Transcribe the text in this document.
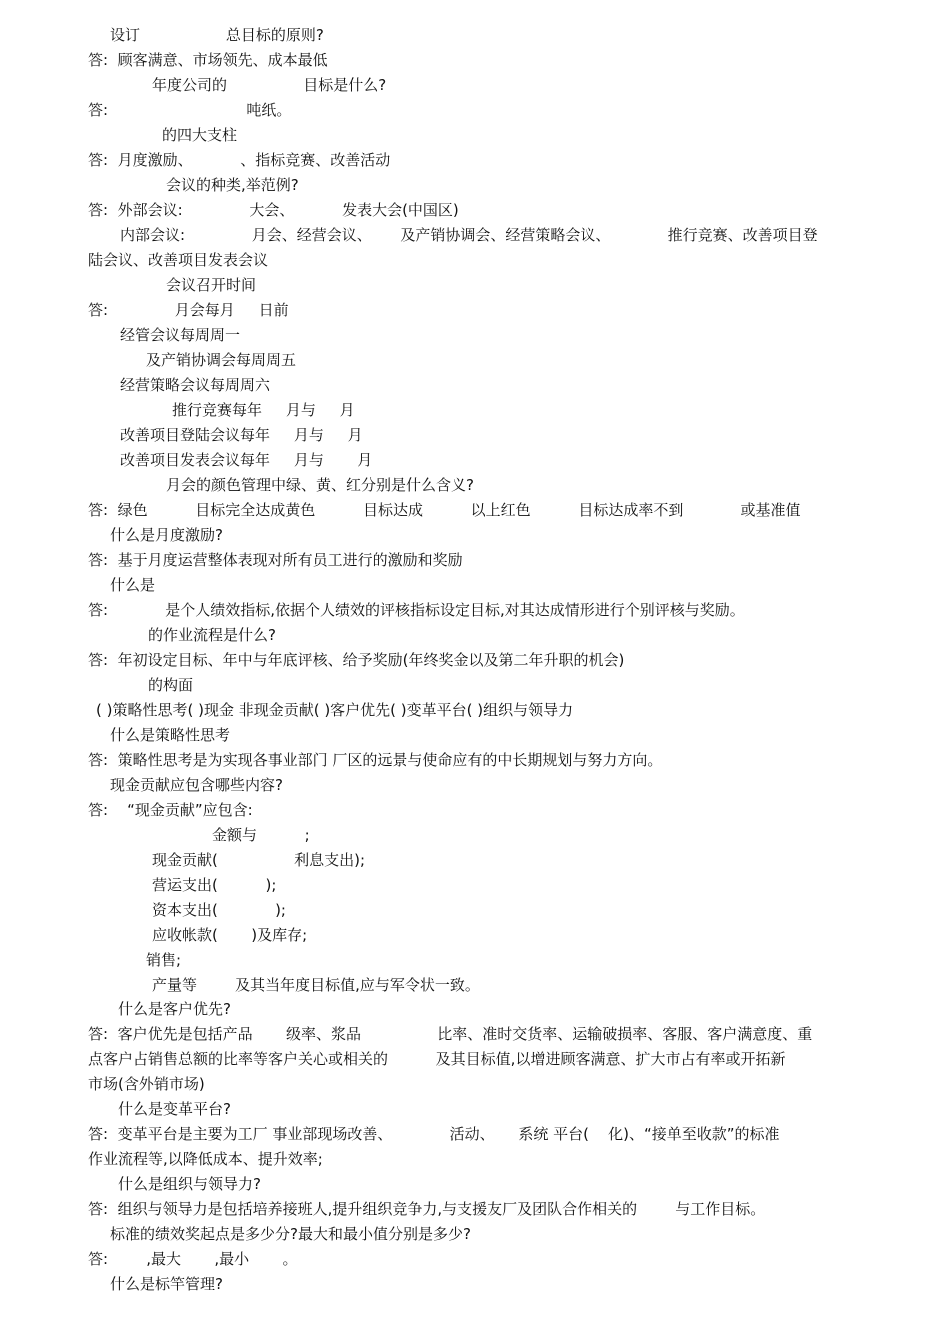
设订                  总目标的原则?
答:  顾客满意、市场领先、成本最低
年度公司的                目标是什么?
答:                             吨纸。
的四大支柱
答:  月度激励、          、指标竞赛、改善活动
会议的种类,举范例?
答:  外部会议:              大会、          发表大会(中国区)
内部会议:              月会、经营会议、      及产销协调会、经营策略会议、            推行竞赛、改善项目登
陆会议、改善项目发表会议
会议召开时间
答:              月会每月     日前
经管会议每周周一
及产销协调会每周周五
经营策略会议每周周六
推行竞赛每年     月与     月
改善项目登陆会议每年     月与     月
改善项目发表会议每年     月与       月
月会的颜色管理中绿、黄、红分别是什么含义?
答:  绿色          目标完全达成黄色          目标达成          以上红色          目标达成率不到            或基准值
什么是月度激励?
答:  基于月度运营整体表现对所有员工进行的激励和奖励
什么是
答:            是个人绩效指标,依据个人绩效的评核指标设定目标,对其达成情形进行个别评核与奖励。
的作业流程是什么?
答:  年初设定目标、年中与年底评核、给予奖励(年终奖金以及第二年升职的机会)
的构面
( )策略性思考( )现金 非现金贡献( )客户优先( )变革平台( )组织与领导力
什么是策略性思考
答:  策略性思考是为实现各事业部门 厂区的远景与使命应有的中长期规划与努力方向。
现金贡献应包含哪些内容?
答:    “现金贡献”应包含:
金额与          ;
现金贡献(                利息支出);
营运支出(          );
资本支出(            );
应收帐款(       )及库存;
销售;
产量等        及其当年度目标值,应与军令状一致。
什么是客户优先?
答:  客户优先是包括产品       级率、浆品                比率、准时交货率、运输破损率、客服、客户满意度、重
点客户占销售总额的比率等客户关心或相关的          及其目标值,以增进顾客满意、扩大市占有率或开拓新
市场(含外销市场)
什么是变革平台?
答:  变革平台是主要为工厂 事业部现场改善、            活动、     系统 平台(    化)、“接单至收款”的标准
作业流程等,以降低成本、提升效率;
什么是组织与领导力?
答:  组织与领导力是包括培养接班人,提升组织竞争力,与支援友厂及团队合作相关的        与工作目标。
标准的绩效奖起点是多少分?最大和最小值分别是多少?
答:        ,最大       ,最小       。
什么是标竿管理?
